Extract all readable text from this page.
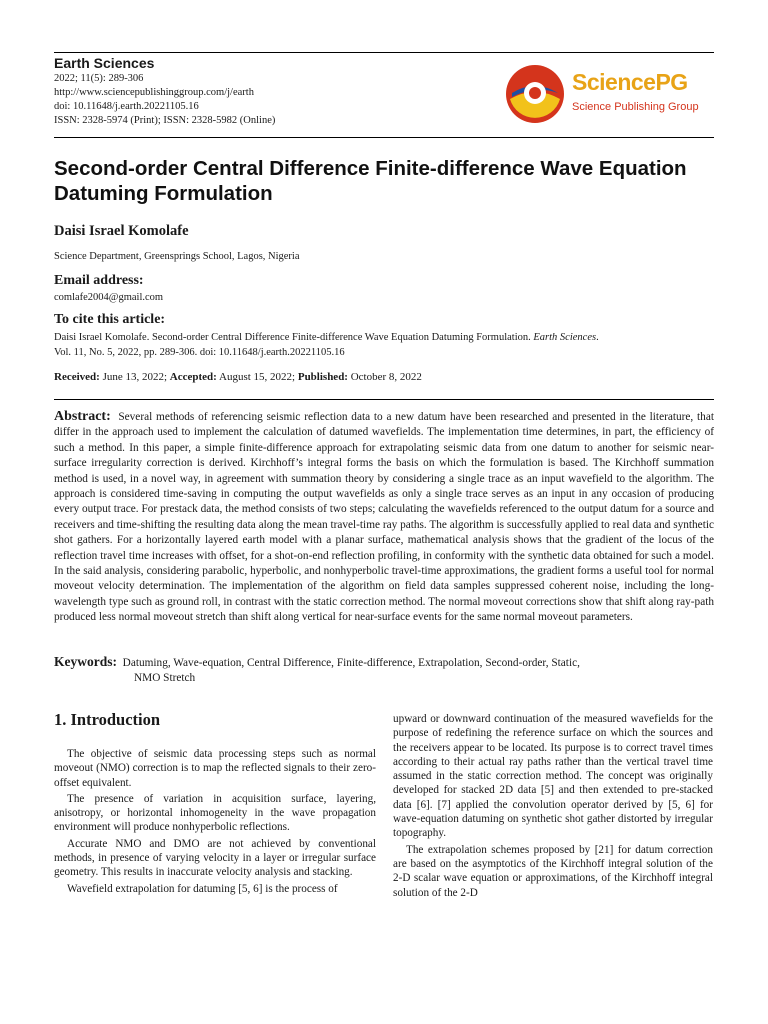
Earth Sciences
2022; 11(5): 289-306
http://www.sciencepublishinggroup.com/j/earth
doi: 10.11648/j.earth.20221105.16
ISSN: 2328-5974 (Print); ISSN: 2328-5982 (Online)
SciencePG
Science Publishing Group
Second-order Central Difference Finite-difference Wave Equation Datuming Formulation
Daisi Israel Komolafe
Science Department, Greensprings School, Lagos, Nigeria
Email address:
comlafe2004@gmail.com
To cite this article:
Daisi Israel Komolafe. Second-order Central Difference Finite-difference Wave Equation Datuming Formulation. Earth Sciences.
Vol. 11, No. 5, 2022, pp. 289-306. doi: 10.11648/j.earth.20221105.16
Received: June 13, 2022; Accepted: August 15, 2022; Published: October 8, 2022
Abstract: Several methods of referencing seismic reflection data to a new datum have been researched and presented in the literature, that differ in the approach used to implement the calculation of datumed wavefields. The implementation time determines, in part, the efficiency of such a method. In this paper, a simple finite-difference approach for extrapolating seismic data from one datum to another for seismic near-surface irregularity correction is derived. Kirchhoff’s integral forms the basis on which the formulation is based. The Kirchhoff summation method is used, in a novel way, in agreement with summation theory by considering a single trace as an input wavefield to the algorithm. The approach is considered time-saving in computing the output wavefields as only a single trace serves as an input in any occasion of producing every output trace. For prestack data, the method consists of two steps; calculating the wavefields referenced to the output datum for a source and receivers and time-shifting the resulting data along the mean travel-time ray paths. The algorithm is successfully applied to real data and synthetic shot gathers. For a horizontally layered earth model with a planar surface, mathematical analysis shows that the gradient of the locus of the reflection travel time increases with offset, for a shot-on-end reflection profiling, in conformity with the synthetic data obtained for such a model. In the said analysis, considering parabolic, hyperbolic, and nonhyperbolic travel-time approximations, the gradient forms a useful tool for normal moveout velocity determination. The implementation of the algorithm on field data samples suppressed coherent noise, including the long-wavelength type such as ground roll, in contrast with the static correction method. The normal moveout corrections show that shift along ray-path produced less normal moveout stretch than shift along vertical for near-surface events for the same normal moveout parameters.
Keywords: Datuming, Wave-equation, Central Difference, Finite-difference, Extrapolation, Second-order, Static,
NMO Stretch
1. Introduction

The objective of seismic data processing steps such as normal moveout (NMO) correction is to map the reflected signals to their zero-offset equivalent.

The presence of variation in acquisition surface, layering, anisotropy, or horizontal inhomogeneity in the wave propagation environment will produce nonhyperbolic reflections.

Accurate NMO and DMO are not achieved by conventional methods, in presence of varying velocity in a layer or irregular surface geometry. This results in inaccurate velocity analysis and stacking.

Wavefield extrapolation for datuming [5, 6] is the process of

upward or downward continuation of the measured wavefields for the purpose of redefining the reference surface on which the sources and the receivers appear to be located. Its purpose is to correct travel times according to their actual ray paths rather than the vertical travel time assumed in the static correction method. The concept was originally developed for stacked 2D data [5] and then extended to pre-stacked data [6]. [7] applied the convolution operator derived by [5, 6] for wave-equation datuming on synthetic shot gather distorted by irregular topography.

The extrapolation schemes proposed by [21] for datum correction are based on the asymptotics of the Kirchhoff integral solution of the 2-D scalar wave equation or approximations, of the Kirchhoff integral solution of the 2-D
